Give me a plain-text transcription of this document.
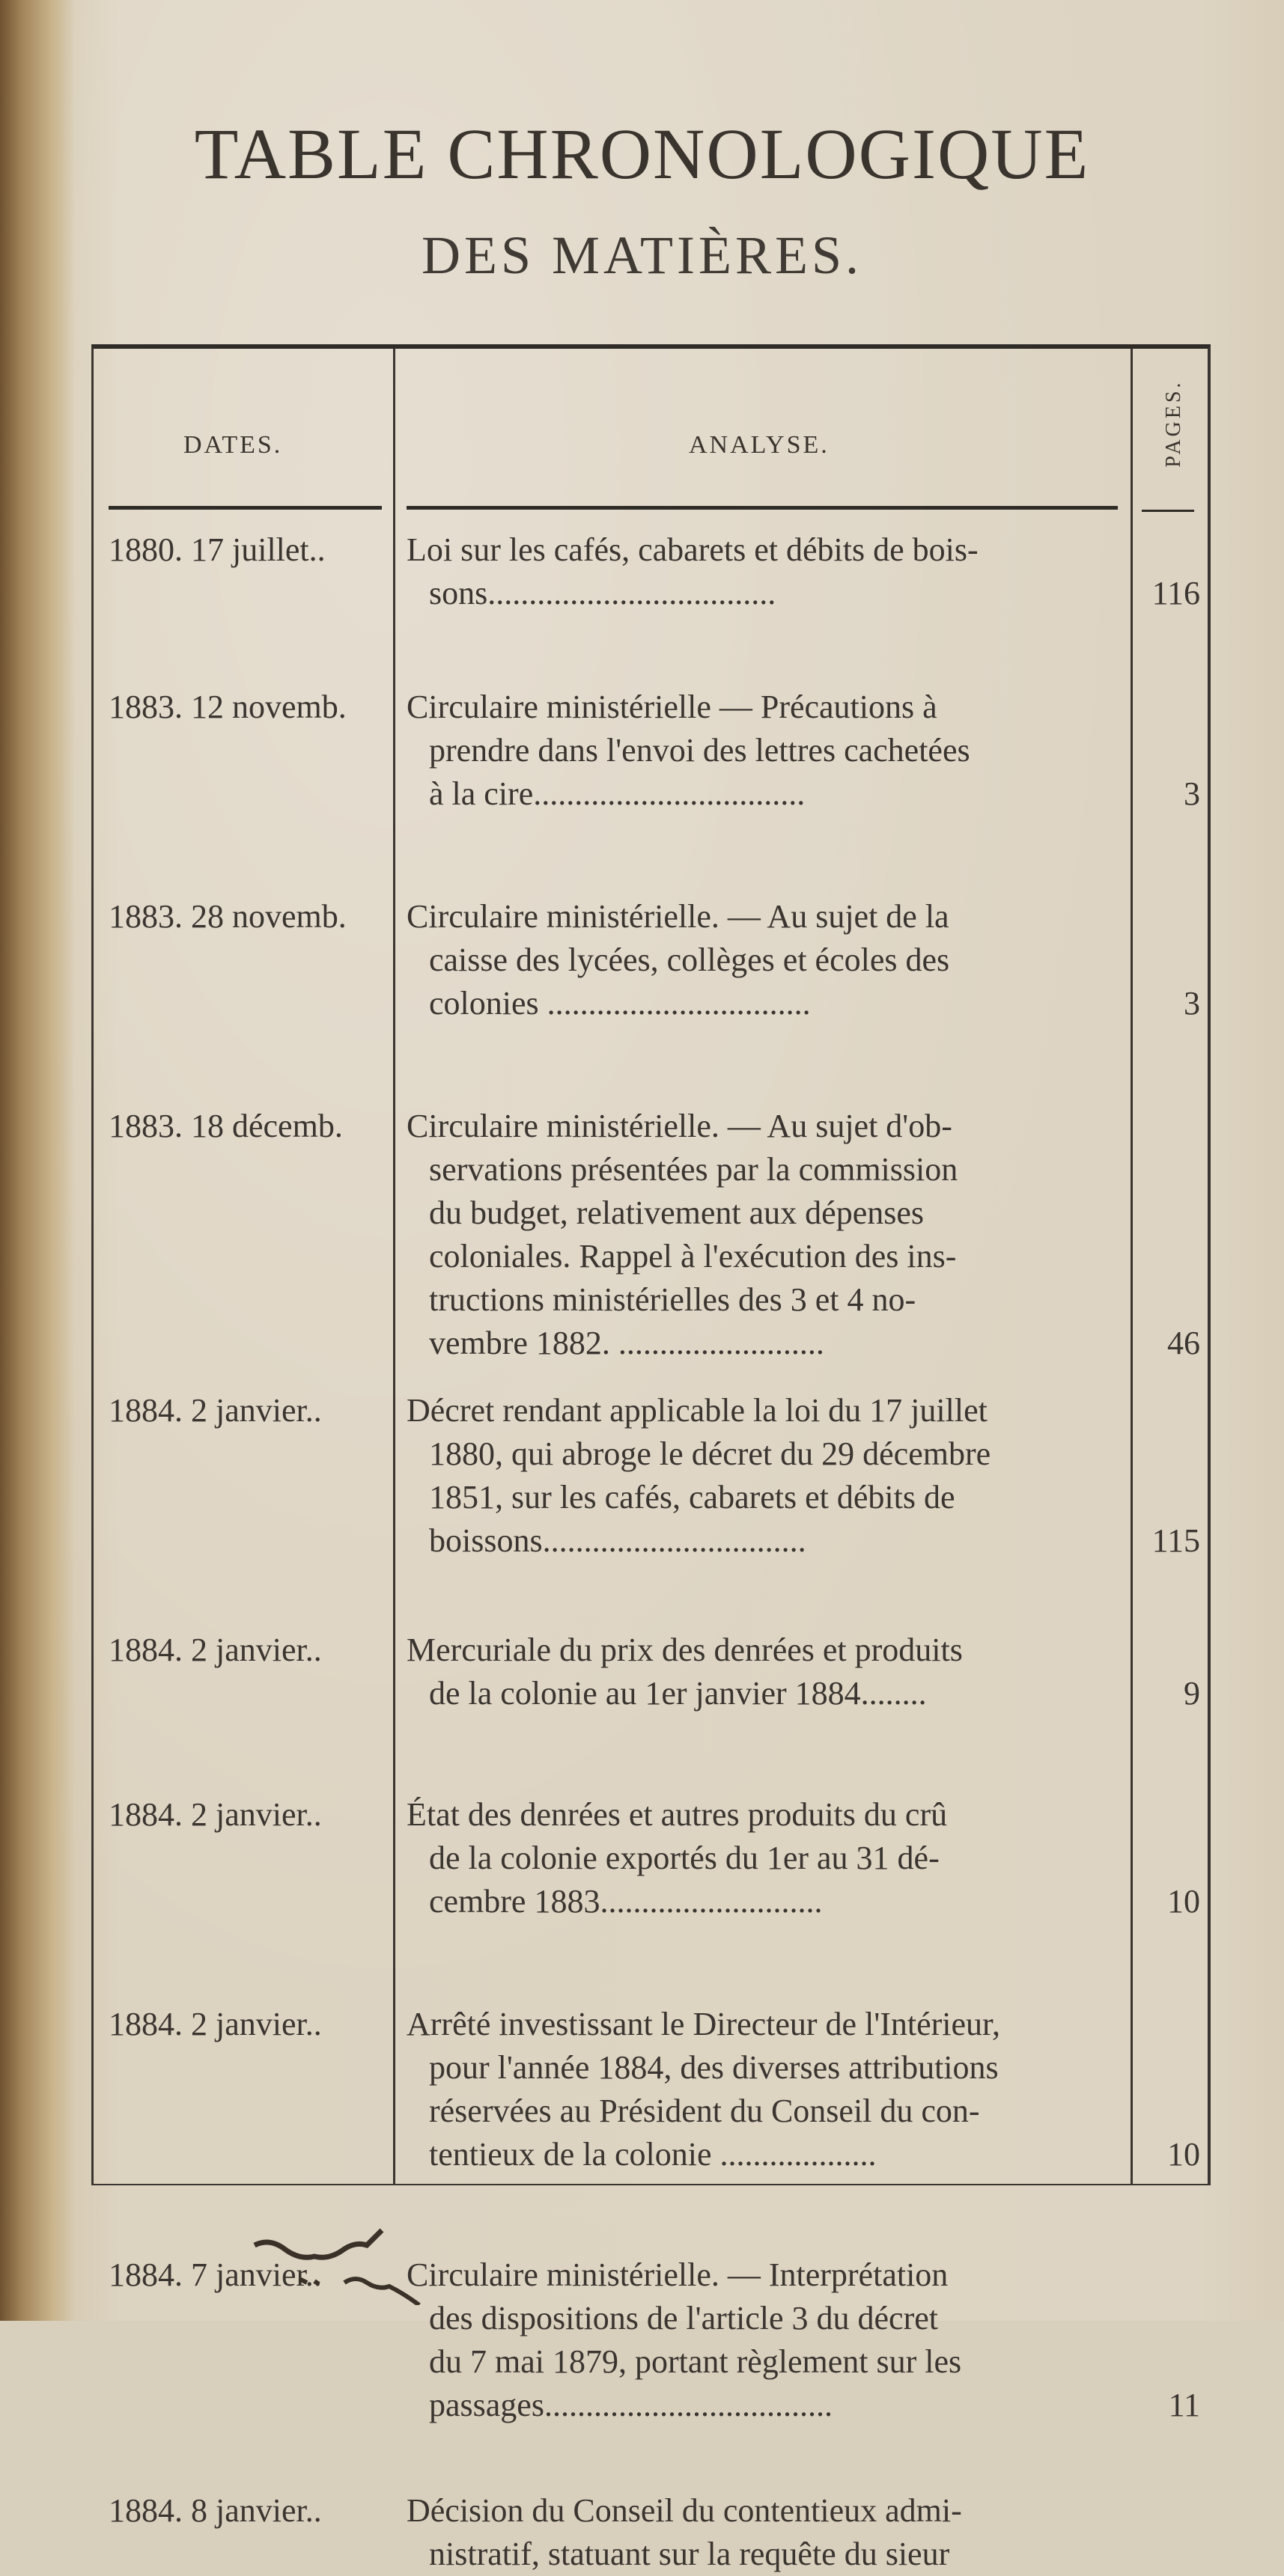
TABLE CHRONOLOGIQUE
DES MATIÈRES.
DATES.	ANALYSE.	PAGES.
1880. 17 juillet..	Loi sur les cafés, cabarets et débits de bois-
sons...................................	116
1883. 12 novemb.	Circulaire ministérielle — Précautions à
prendre dans l'envoi des lettres cachetées
à la cire.................................	3
1883. 28 novemb.	Circulaire ministérielle. — Au sujet de la
caisse des lycées, collèges et écoles des
colonies ................................	3
1883. 18 décemb.	Circulaire ministérielle. — Au sujet d'ob-
servations présentées par la commission
du budget, relativement aux dépenses
coloniales. Rappel à l'exécution des ins-
tructions ministérielles des 3 et 4 no-
vembre 1882. .........................	46
1884. 2 janvier..	Décret rendant applicable la loi du 17 juillet
1880, qui abroge le décret du 29 décembre
1851, sur les cafés, cabarets et débits de
boissons................................	115
1884. 2 janvier..	Mercuriale du prix des denrées et produits
de la colonie au 1er janvier 1884........	9
1884. 2 janvier..	État des denrées et autres produits du crû
de la colonie exportés du 1er au 31 dé-
cembre 1883...........................	10
1884. 2 janvier..	Arrêté investissant le Directeur de l'Intérieur,
pour l'année 1884, des diverses attributions
réservées au Président du Conseil du con-
tentieux de la colonie ...................	10
1884. 7 janvier..	Circulaire ministérielle. — Interprétation
des dispositions de l'article 3 du décret
du 7 mai 1879, portant règlement sur les
passages...................................	11
1884. 8 janvier..	Décision du Conseil du contentieux admi-
nistratif, statuant sur la requête du sieur
